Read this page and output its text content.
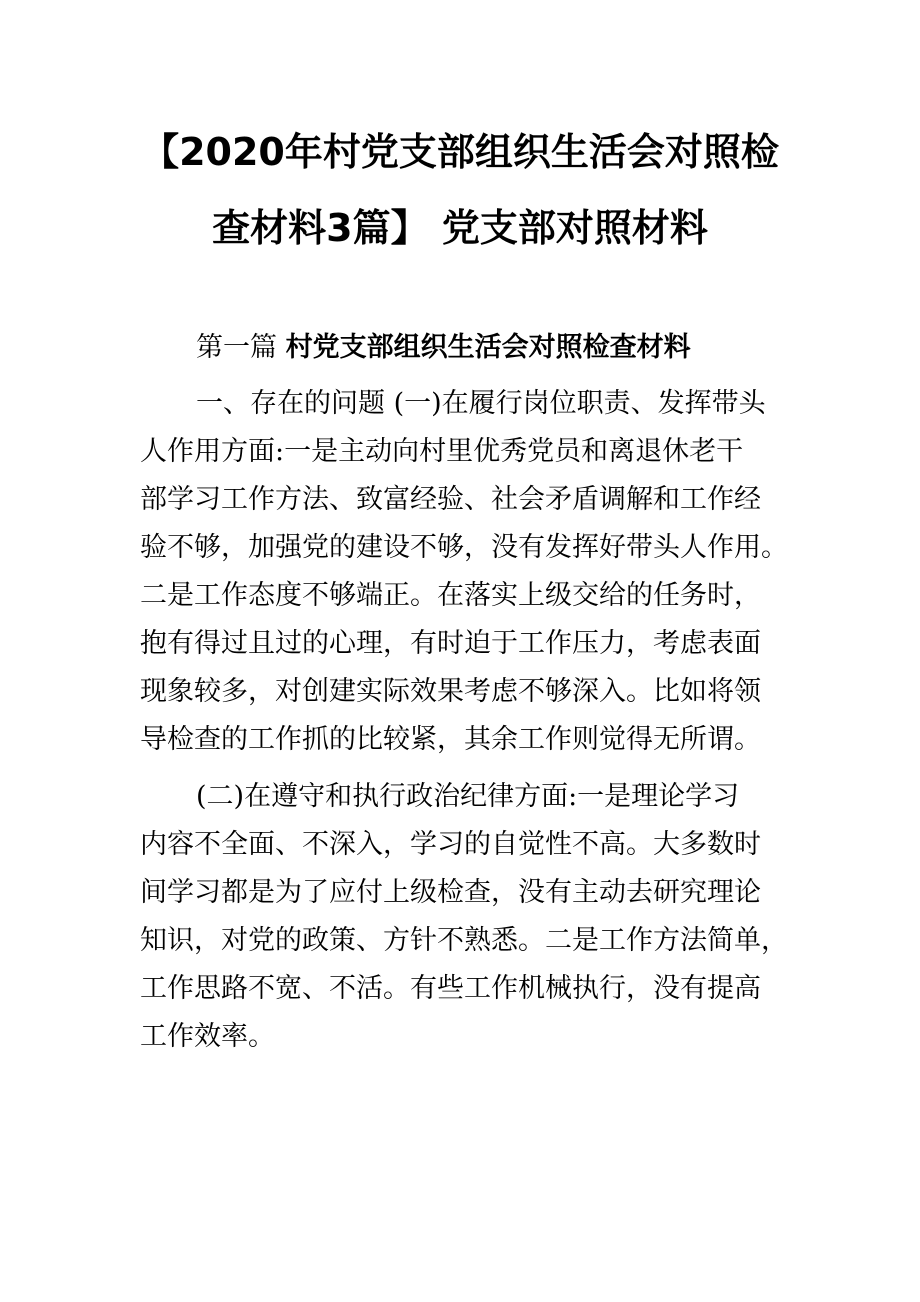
【2020年村党支部组织生活会对照检
查材料3篇】 党支部对照材料

第一篇 村党支部组织生活会对照检查材料

一、存在的问题 (一)在履行岗位职责、发挥带头
人作用方面:一是主动向村里优秀党员和离退休老干
部学习工作方法、致富经验、社会矛盾调解和工作经
验不够，加强党的建设不够，没有发挥好带头人作用。
二是工作态度不够端正。在落实上级交给的任务时，
抱有得过且过的心理，有时迫于工作压力，考虑表面
现象较多，对创建实际效果考虑不够深入。比如将领
导检查的工作抓的比较紧，其余工作则觉得无所谓。

(二)在遵守和执行政治纪律方面:一是理论学习
内容不全面、不深入，学习的自觉性不高。大多数时
间学习都是为了应付上级检查，没有主动去研究理论
知识，对党的政策、方针不熟悉。二是工作方法简单，
工作思路不宽、不活。有些工作机械执行，没有提高
工作效率。
